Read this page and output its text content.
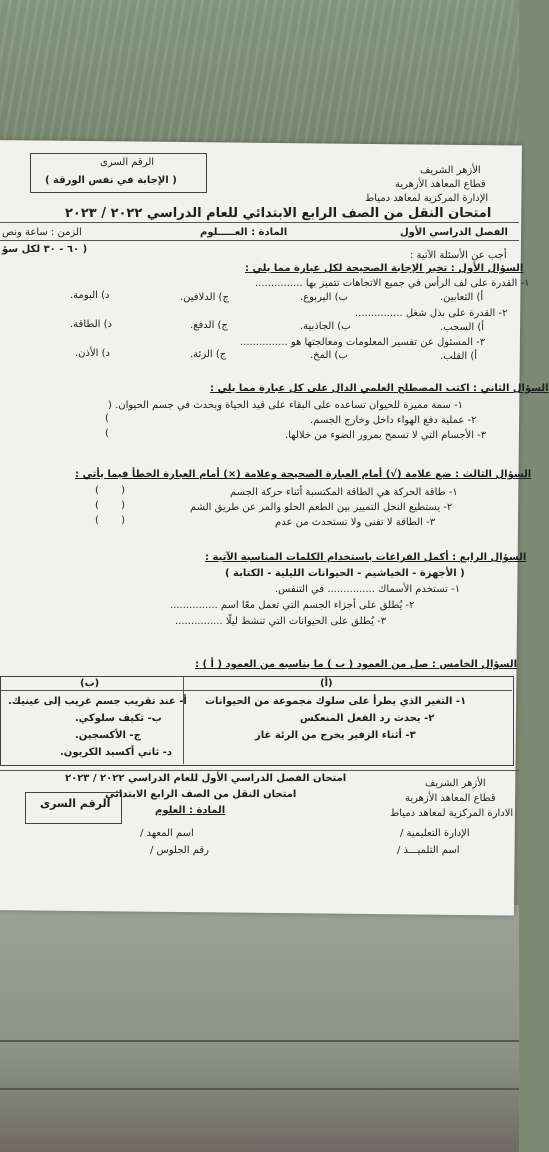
الرقم السرى
( الإجابة في نفس الورقة )
الأزهر الشريف
قطاع المعاهد الأزهرية
الإدارة المركزية لمعاهد دمياط
امتحان النقل من الصف الرابع الابتدائي للعام الدراسي ٢٠٢٢ / ٢٠٢٣
الفصل الدراسي الأول
المادة : العـــــلوم
الزمن : ساعة ونص
( ٦٠ - ٣٠ لكل سؤ
أجب عن الأسئلة الآتية :
السؤال الأول : تخير الإجابة الصحيحة لكل عبارة مما يلي :
١- القدرة على لف الرأس في جميع الاتجاهات تتميز بها ...............
أ) الثعابين.
ب) اليربوع.
ج) الدلافين.
د) البومة.
٢- القدرة على بذل شغل ...............
أ) السحب.
ب) الجاذبية.
ج) الدفع.
د) الطاقة.
٣- المسئول عن تفسير المعلومات ومعالجتها هو ...............
أ) القلب.
ب) المخ.
ج) الرئة.
د) الأذن.
السؤال الثاني : اكتب المصطلح العلمي الدال على كل عبارة مما يلي :
١- سمة مميزة للحيوان تساعده على البقاء على قيد الحياة وبحدث في جسم الحيوان. (
٢- عملية دفع الهواء داخل وخارج الجسم.
)
٣- الأجسام التي لا تسمح بمرور الضوء من خلالها.
)
السؤال الثالث : ضع علامة (√) أمام العبارة الصحيحة وعلامة (×) أمام العبارة الخطأ فيما يأتي :
١- طاقة الحركة هي الطاقة المكتسبة أثناء حركة الجسم
(       )
٢- يستطيع النحل التمييز بين الطعم الحلو والمر عن طريق الشم
(       )
٣- الطاقة لا تفنى ولا تستحدث من عدم
(       )
السؤال الرابع : أكمل الفراغات باستخدام الكلمات المناسبة الآتية :
( الأجهزة - الخياشيم - الحيوانات الليلية - الكتابة )
١- تستخدم الأسماك ............... في التنفس.
٢- يُطلق على أجزاء الجسم التي تعمل معًا اسم ...............
٣- يُطلق على الحيوانات التي تنشط ليلًا ...............
السؤال الخامس : صل من العمود ( ب ) ما يناسبه من العمود ( أ ) :
(ب)	(أ)
١- التغير الذي يطرأ على سلوك مجموعة من الحيوانات
٢- يحدث رد الفعل المنعكس
٣- أثناء الزفير يخرج من الرئة غاز
أ- عند تقريب جسم غريب إلى عينيك.
ب- تكيف سلوكي.
ج- الأكسجين.
د- ثاني أكسيد الكربون.
الأزهر الشريف
قطاع المعاهد الأزهرية
الادارة المركزية لمعاهد دمياط
الإدارة التعليمية /
اسم التلميـــذ /
امتحان الفصل الدراسي الأول للعام الدراسي ٢٠٢٢ / ٢٠٢٣
امتحان النقل من الصف الرابع الابتدائي
المادة : العلوم
اسم المعهد /
رقم الجلوس /
الرقم السرى
